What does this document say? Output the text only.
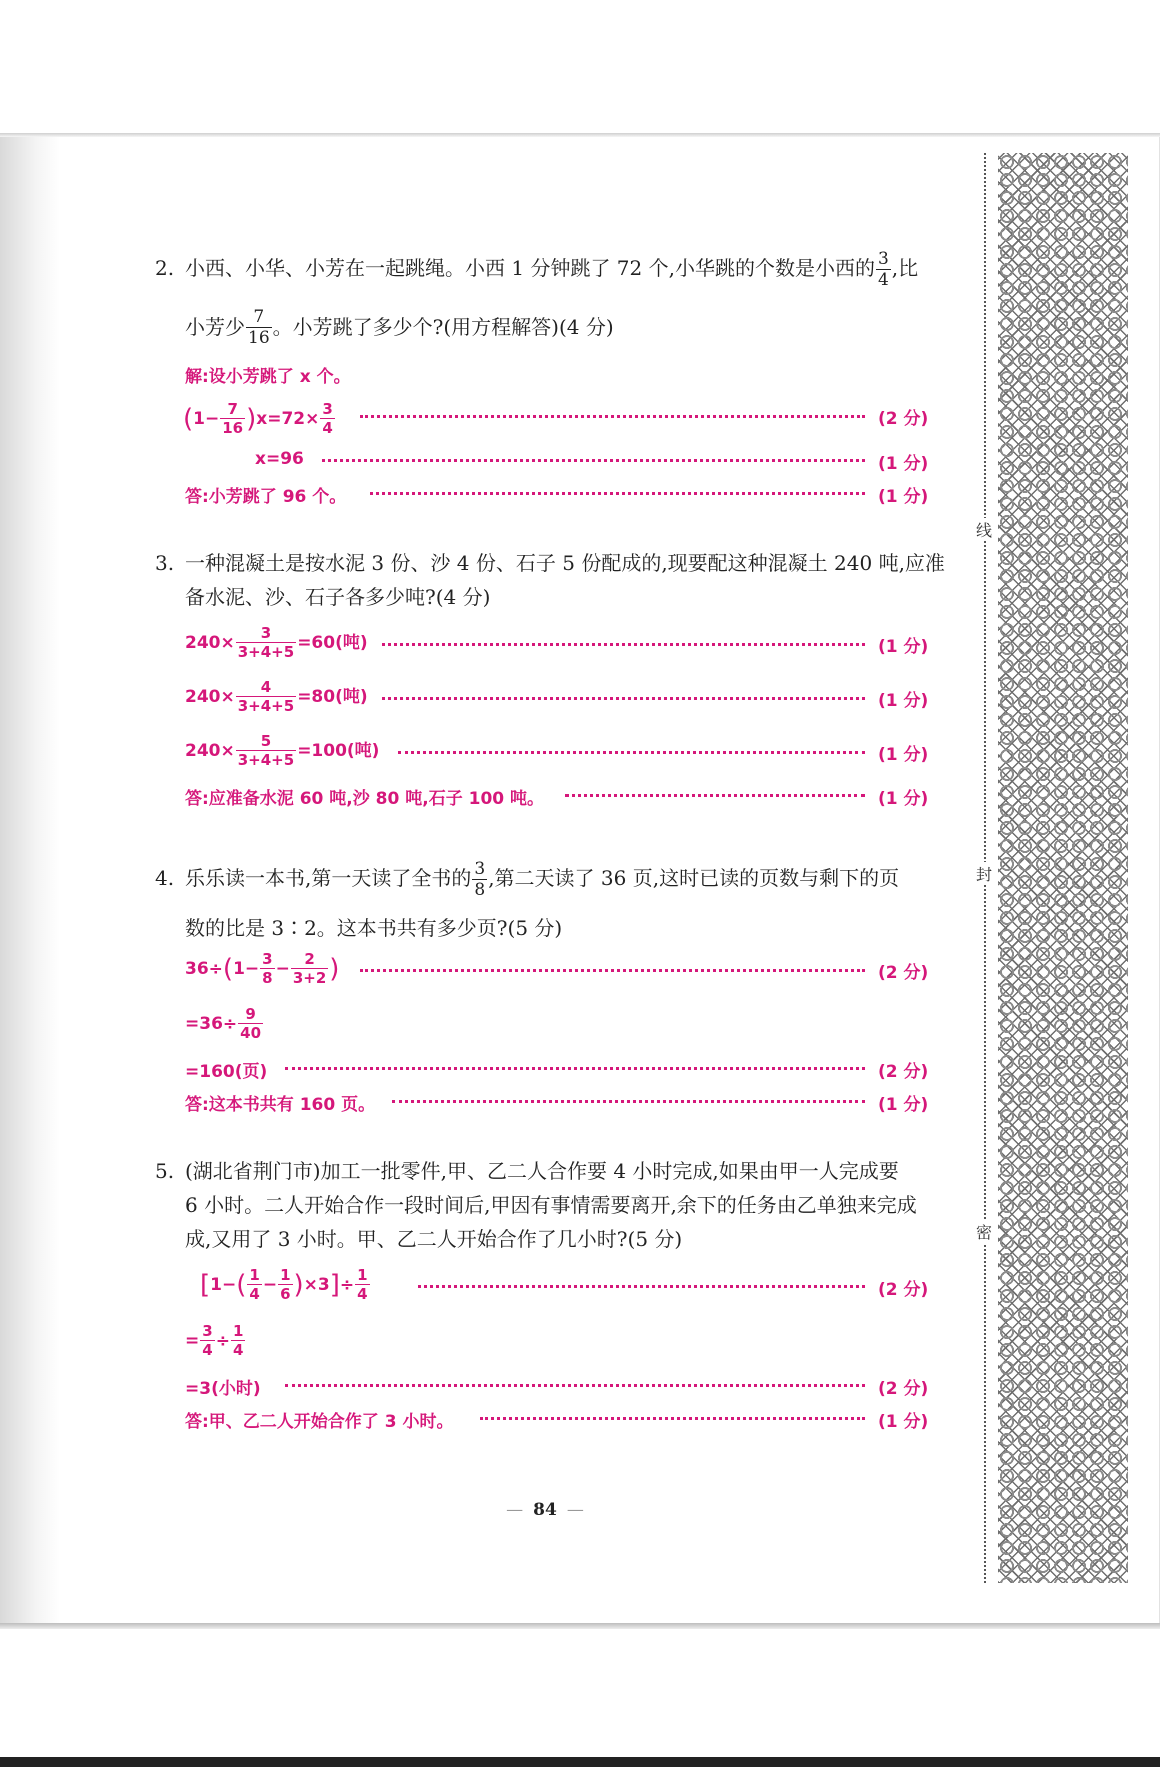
线
封
密
2. 小西、小华、小芳在一起跳绳。小西 1 分钟跳了 72 个,小华跳的个数是小西的 $\frac{3}{4}$ ,比
小芳少 $\frac{7}{16}$ 。小芳跳了多少个?(用方程解答)(4 分)
解:设小芳跳了 x 个。
$(1- \frac{7}{16} )x=72\times \frac{3}{4}$	(2 分)
x=96	(1 分)
答:小芳跳了 96 个。	(1 分)
3. 一种混凝土是按水泥 3 份、沙 4 份、石子 5 份配成的,现要配这种混凝土 240 吨,应准
备水泥、沙、石子各多少吨?(4 分)
$240\times \frac{3}{3+4+5} =60$(吨)	(1 分)
$240\times \frac{4}{3+4+5} =80$(吨)	(1 分)
$240\times \frac{5}{3+4+5} =100$(吨)	(1 分)
答:应准备水泥 60 吨,沙 80 吨,石子 100 吨。	(1 分)
4. 乐乐读一本书,第一天读了全书的 $\frac{3}{8}$ ,第二天读了 36 页,这时已读的页数与剩下的页
数的比是 3∶2。这本书共有多少页?(5 分)
$36\div(1- \frac{3}{8} - \frac{2}{3+2}$ )	(2 分)
$=36\div \frac{9}{40}$
=160(页)	(2 分)
答:这本书共有 160 页。	(1 分)
5. (湖北省荆门市)加工一批零件,甲、乙二人合作要 4 小时完成,如果由甲一人完成要
6 小时。二人开始合作一段时间后,甲因有事情需要离开,余下的任务由乙单独来完成
成,又用了 3 小时。甲、乙二人开始合作了几小时?(5 分)
$[1-( \frac{1}{4} - \frac{1}{6} )\times 3]\div \frac{1}{4}$	(2 分)
= $\frac{3}{4} \div \frac{1}{4}$
=3(小时)	(2 分)
答:甲、乙二人开始合作了 3 小时。	(1 分)
— 84 —
